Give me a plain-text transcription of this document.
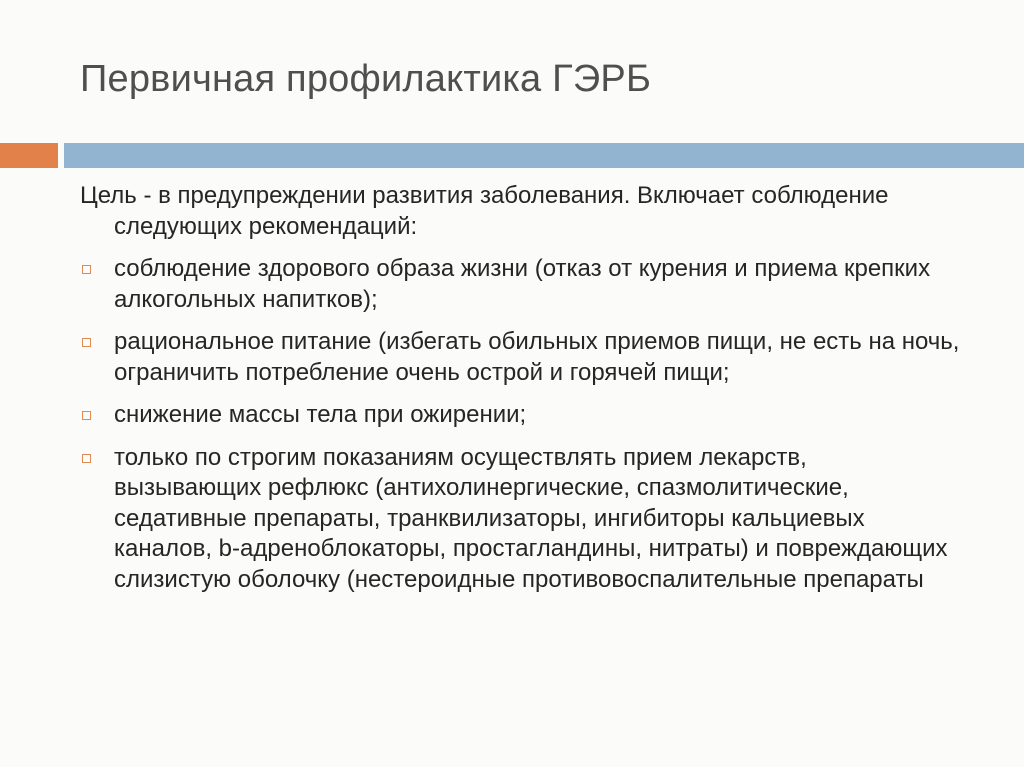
Первичная профилактика ГЭРБ
Цель - в предупреждении развития заболевания. Включает соблюдение следующих рекомендаций:
соблюдение здорового образа жизни (отказ от курения и приема крепких алкогольных напитков);
рациональное питание (избегать обильных приемов пищи, не есть на ночь, ограничить потребление очень острой и горячей пищи;
снижение массы тела при ожирении;
только по строгим показаниям осуществлять прием лекарств, вызывающих рефлюкс (антихолинергические, спазмолитические, седативные препараты, транквилизаторы, ингибиторы кальциевых каналов, b-адреноблокаторы, простагландины, нитраты) и повреждающих слизистую оболочку (нестероидные противовоспалительные препараты
